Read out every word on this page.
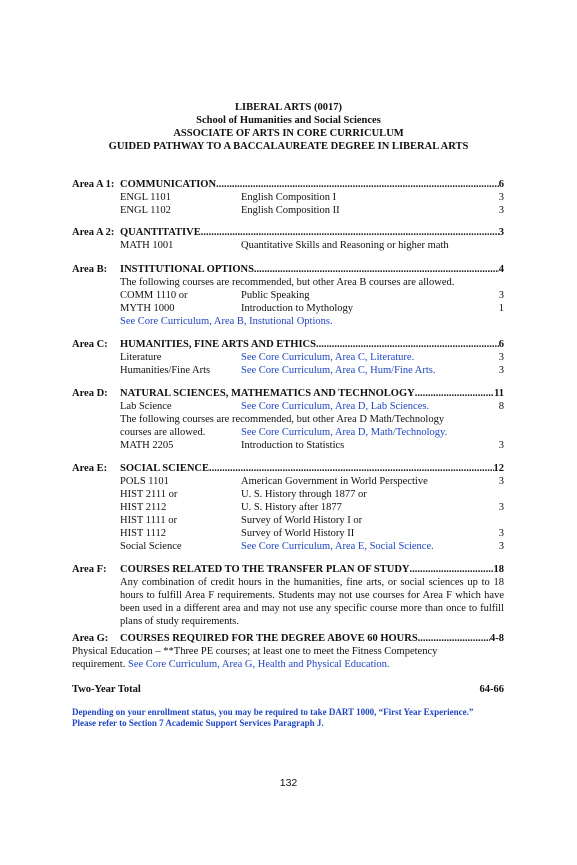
LIBERAL ARTS (0017)
School of Humanities and Social Sciences
ASSOCIATE OF ARTS IN CORE CURRICULUM
GUIDED PATHWAY TO A BACCALAUREATE DEGREE IN LIBERAL ARTS
Area A 1: COMMUNICATION .....	6
ENGL 1101	English Composition I	3
ENGL 1102	English Composition II	3
Area A 2: QUANTITATIVE .....	3
MATH 1001	Quantitative Skills and Reasoning or higher math
Area B: INSTITUTIONAL OPTIONS .....	4
The following courses are recommended, but other Area B courses are allowed.
COMM 1110 or	Public Speaking	3
MYTH 1000	Introduction to Mythology	1
See Core Curriculum, Area B, Instutional Options.
Area C: HUMANITIES, FINE ARTS AND ETHICS .....	6
Literature	See Core Curriculum, Area C, Literature.	3
Humanities/Fine Arts	See Core Curriculum, Area C, Hum/Fine Arts.	3
Area D: NATURAL SCIENCES, MATHEMATICS AND TECHNOLOGY .....	11
Lab Science	See Core Curriculum, Area D, Lab Sciences.	8
The following courses are recommended, but other Area D Math/Technology
courses are allowed.	See Core Curriculum, Area D, Math/Technology.
MATH 2205	Introduction to Statistics	3
Area E: SOCIAL SCIENCE .....	12
POLS 1101	American Government in World Perspective	3
HIST 2111 or	U. S. History through 1877 or
HIST 2112	U. S. History after 1877	3
HIST 1111 or	Survey of World History I or
HIST 1112	Survey of World History II	3
Social Science	See Core Curriculum, Area E, Social Science.	3
Area F: COURSES RELATED TO THE TRANSFER PLAN OF STUDY .....	18
Any combination of credit hours in the humanities, fine arts, or social sciences up to 18 hours to fulfill Area F requirements. Students may not use courses for Area F which have been used in a different area and may not use any specific course more than once to fulfill plans of study requirements.
Area G: COURSES REQUIRED FOR THE DEGREE ABOVE 60 HOURS .....	4-8
Physical Education – **Three PE courses; at least one to meet the Fitness Competency
requirement. See Core Curriculum, Area G, Health and Physical Education.
Two-Year Total	64-66
Depending on your enrollment status, you may be required to take DART 1000, “First Year Experience.”
Please refer to Section 7 Academic Support Services Paragraph J.
132
